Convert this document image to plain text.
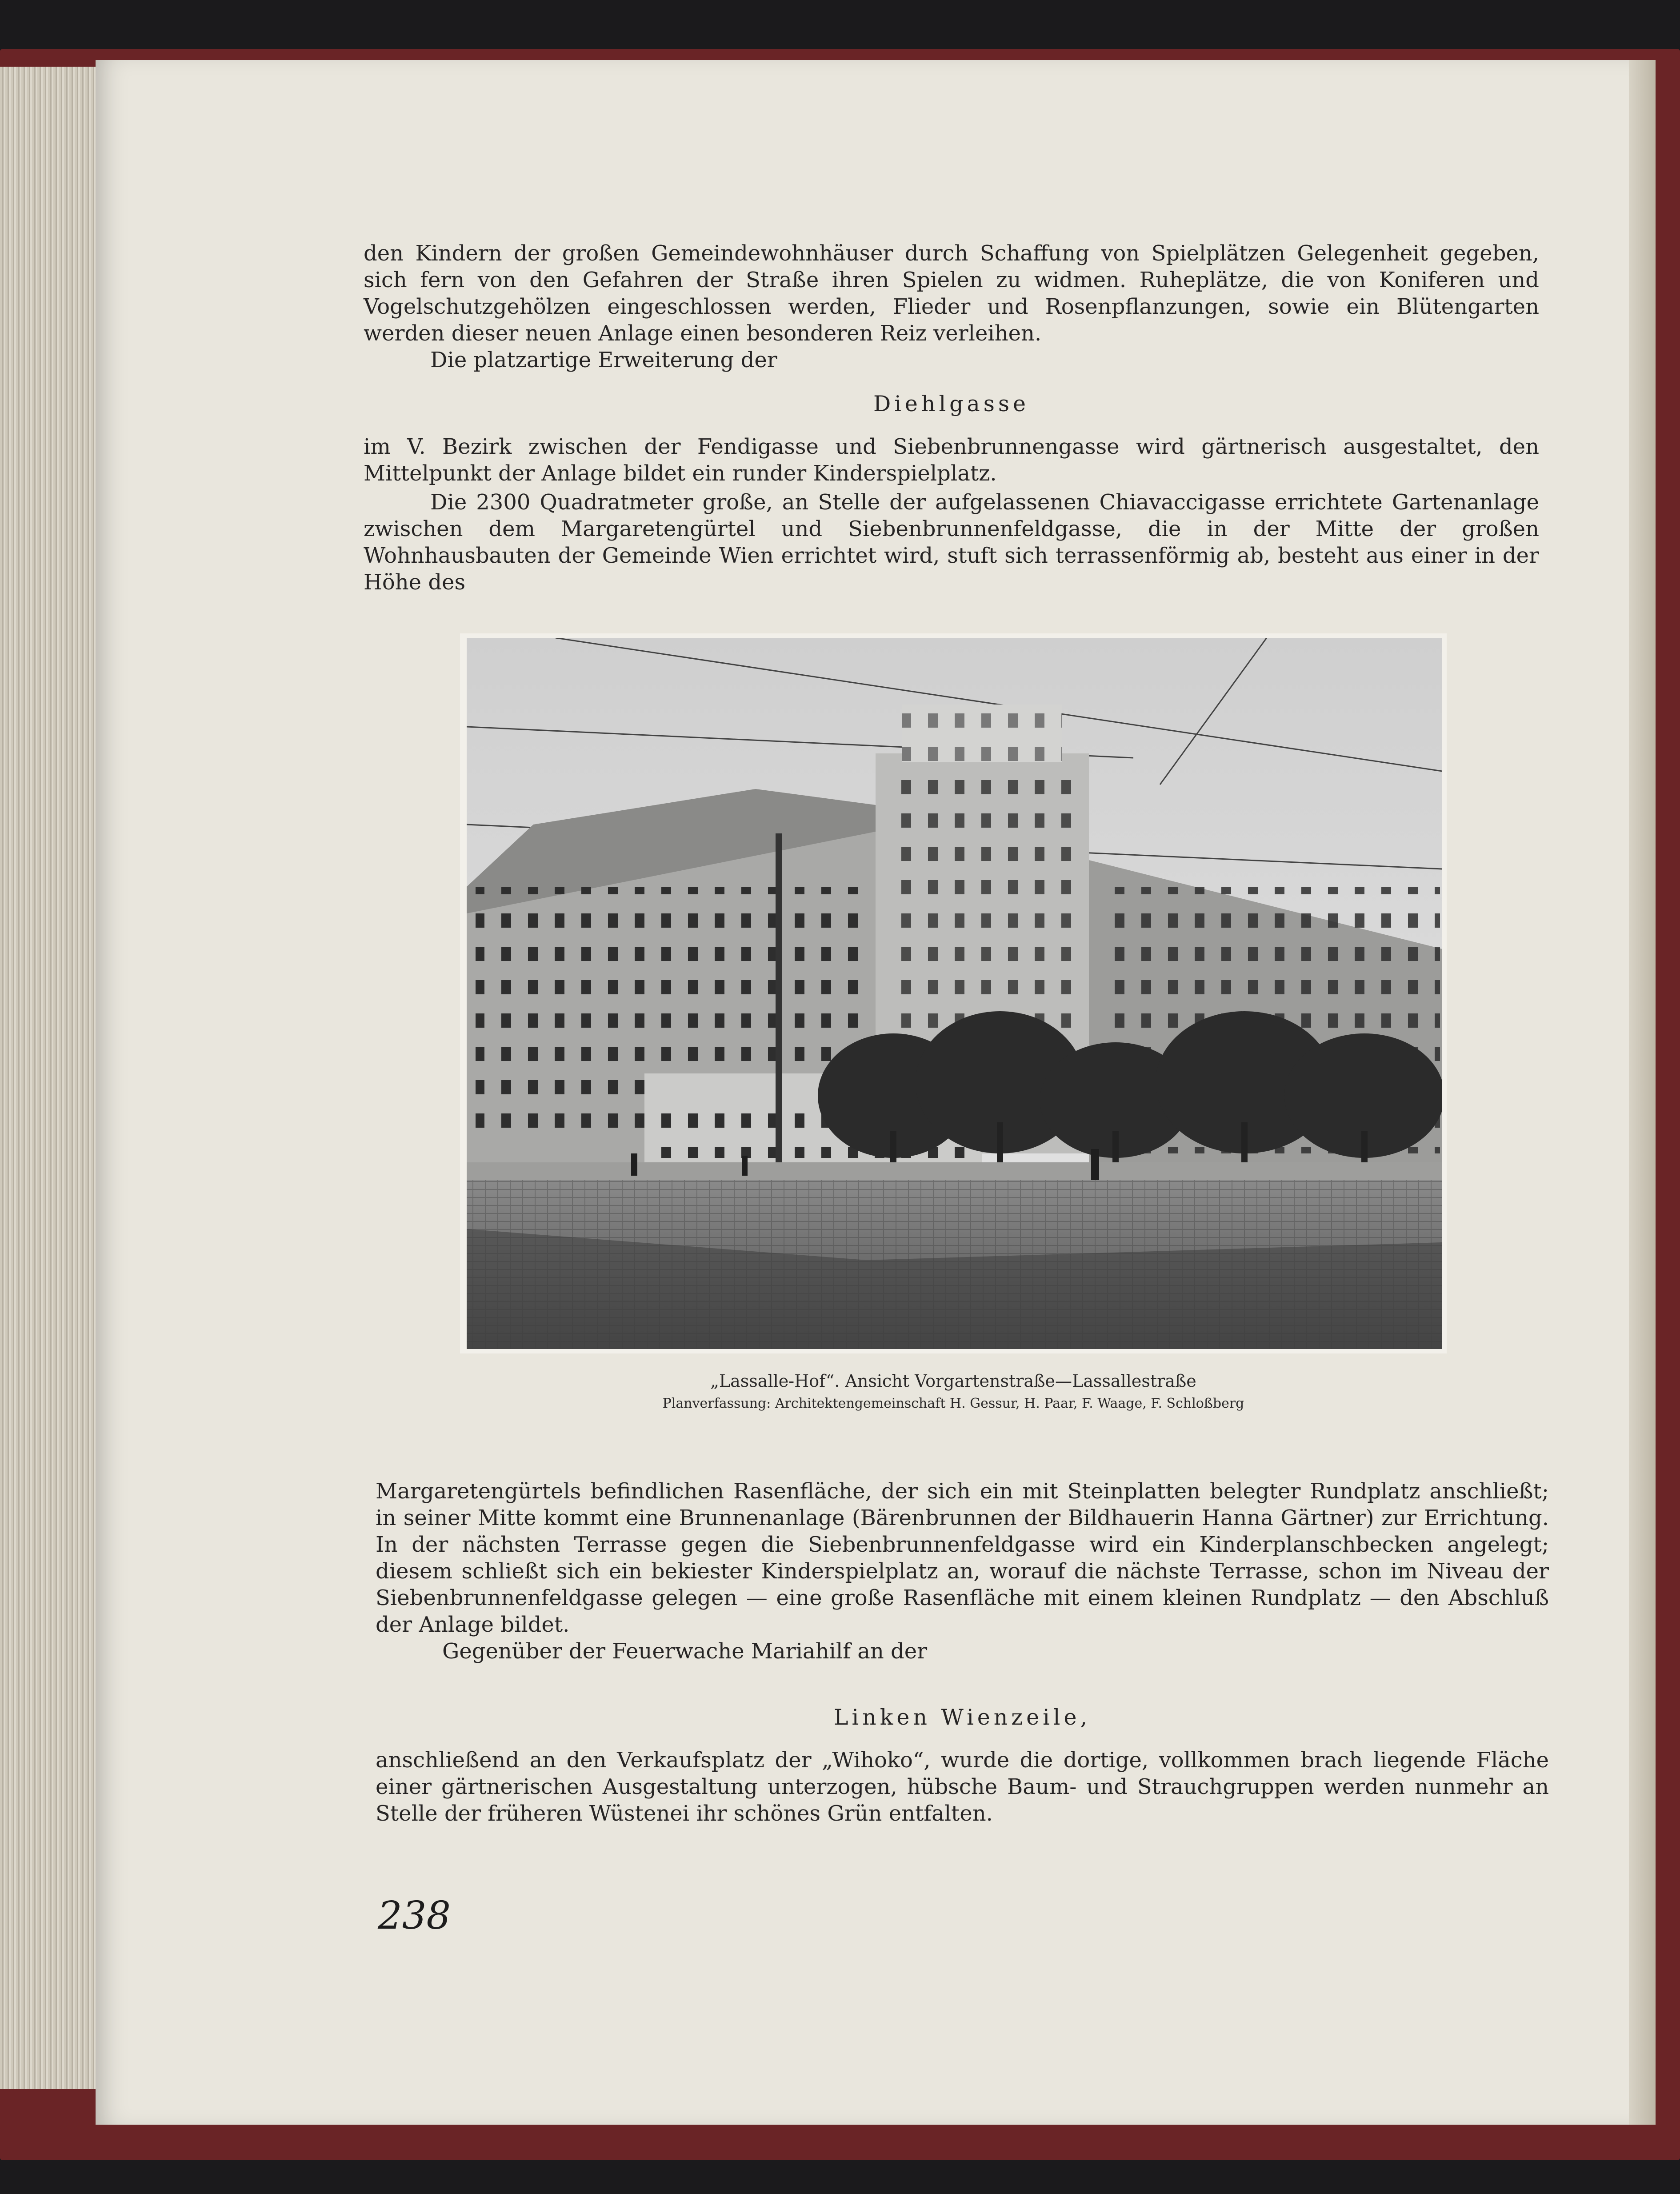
den Kindern der großen Gemeindewohnhäuser durch Schaffung von Spielplätzen Gelegenheit gegeben, sich fern von den Gefahren der Straße ihren Spielen zu widmen. Ruheplätze, die von Koniferen und Vogelschutzgehölzen eingeschlossen werden, Flieder und Rosenpflanzungen, sowie ein Blütengarten werden dieser neuen Anlage einen besonderen Reiz verleihen.

Die platzartige Erweiterung der

Diehlgasse

im V. Bezirk zwischen der Fendigasse und Siebenbrunnengasse wird gärtnerisch ausgestaltet, den Mittelpunkt der Anlage bildet ein runder Kinderspielplatz.

Die 2300 Quadratmeter große, an Stelle der aufgelassenen Chiavaccigasse errichtete Gartenanlage zwischen dem Margaretengürtel und Siebenbrunnenfeldgasse, die in der Mitte der großen Wohnhausbauten der Gemeinde Wien errichtet wird, stuft sich terrassenförmig ab, besteht aus einer in der Höhe des

„Lassalle-Hof“. Ansicht Vorgartenstraße—Lassallestraße

Planverfassung: Architektengemeinschaft H. Gessur, H. Paar, F. Waage, F. Schloßberg

Margaretengürtels befindlichen Rasenfläche, der sich ein mit Steinplatten belegter Rundplatz anschließt; in seiner Mitte kommt eine Brunnenanlage (Bärenbrunnen der Bildhauerin Hanna Gärtner) zur Errichtung. In der nächsten Terrasse gegen die Siebenbrunnenfeldgasse wird ein Kinderplanschbecken angelegt; diesem schließt sich ein bekiester Kinderspielplatz an, worauf die nächste Terrasse, schon im Niveau der Siebenbrunnenfeldgasse gelegen — eine große Rasenfläche mit einem kleinen Rundplatz — den Abschluß der Anlage bildet.

Gegenüber der Feuerwache Mariahilf an der

Linken Wienzeile,

anschließend an den Verkaufsplatz der „Wihoko“, wurde die dortige, vollkommen brach liegende Fläche einer gärtnerischen Ausgestaltung unterzogen, hübsche Baum- und Strauchgruppen werden nunmehr an Stelle der früheren Wüstenei ihr schönes Grün entfalten.

238
